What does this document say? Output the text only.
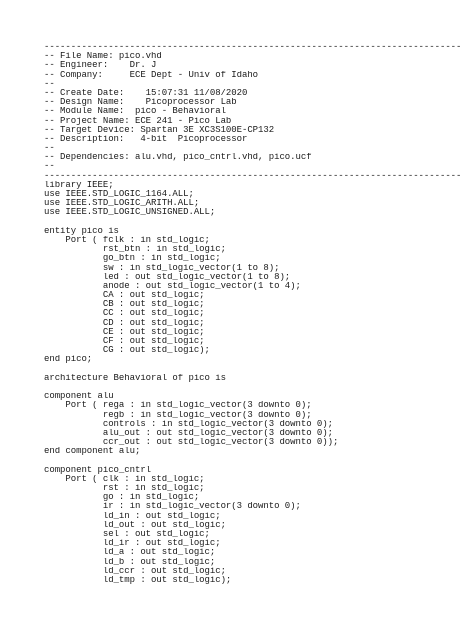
------------------------------------------------------------------------------
-- File Name: pico.vhd
-- Engineer:    Dr. J
-- Company:     ECE Dept - Univ of Idaho
--
-- Create Date:    15:07:31 11/08/2020
-- Design Name:    Picoprocessor Lab
-- Module Name:  pico - Behavioral
-- Project Name: ECE 241 - Pico Lab
-- Target Device: Spartan 3E XC3S100E-CP132
-- Description:   4-bit  Picoprocessor
--
-- Dependencies: alu.vhd, pico_cntrl.vhd, pico.ucf
--
------------------------------------------------------------------------------
library IEEE;
use IEEE.STD_LOGIC_1164.ALL;
use IEEE.STD_LOGIC_ARITH.ALL;
use IEEE.STD_LOGIC_UNSIGNED.ALL;
entity pico is
Port ( fclk : in std_logic;
rst_btn : in std_logic;
go_btn : in std_logic;
sw : in std_logic_vector(1 to 8);
led : out std_logic_vector(1 to 8);
anode : out std_logic_vector(1 to 4);
CA : out std_logic;
CB : out std_logic;
CC : out std_logic;
CD : out std_logic;
CE : out std_logic;
CF : out std_logic;
CG : out std_logic);
end pico;
architecture Behavioral of pico is
component alu
Port ( rega : in std_logic_vector(3 downto 0);
regb : in std_logic_vector(3 downto 0);
controls : in std_logic_vector(3 downto 0);
alu_out : out std_logic_vector(3 downto 0);
ccr_out : out std_logic_vector(3 downto 0));
end component alu;
component pico_cntrl
Port ( clk : in std_logic;
rst : in std_logic;
go : in std_logic;
ir : in std_logic_vector(3 downto 0);
ld_in : out std_logic;
ld_out : out std_logic;
sel : out std_logic;
ld_ir : out std_logic;
ld_a : out std_logic;
ld_b : out std_logic;
ld_ccr : out std_logic;
ld_tmp : out std_logic);
